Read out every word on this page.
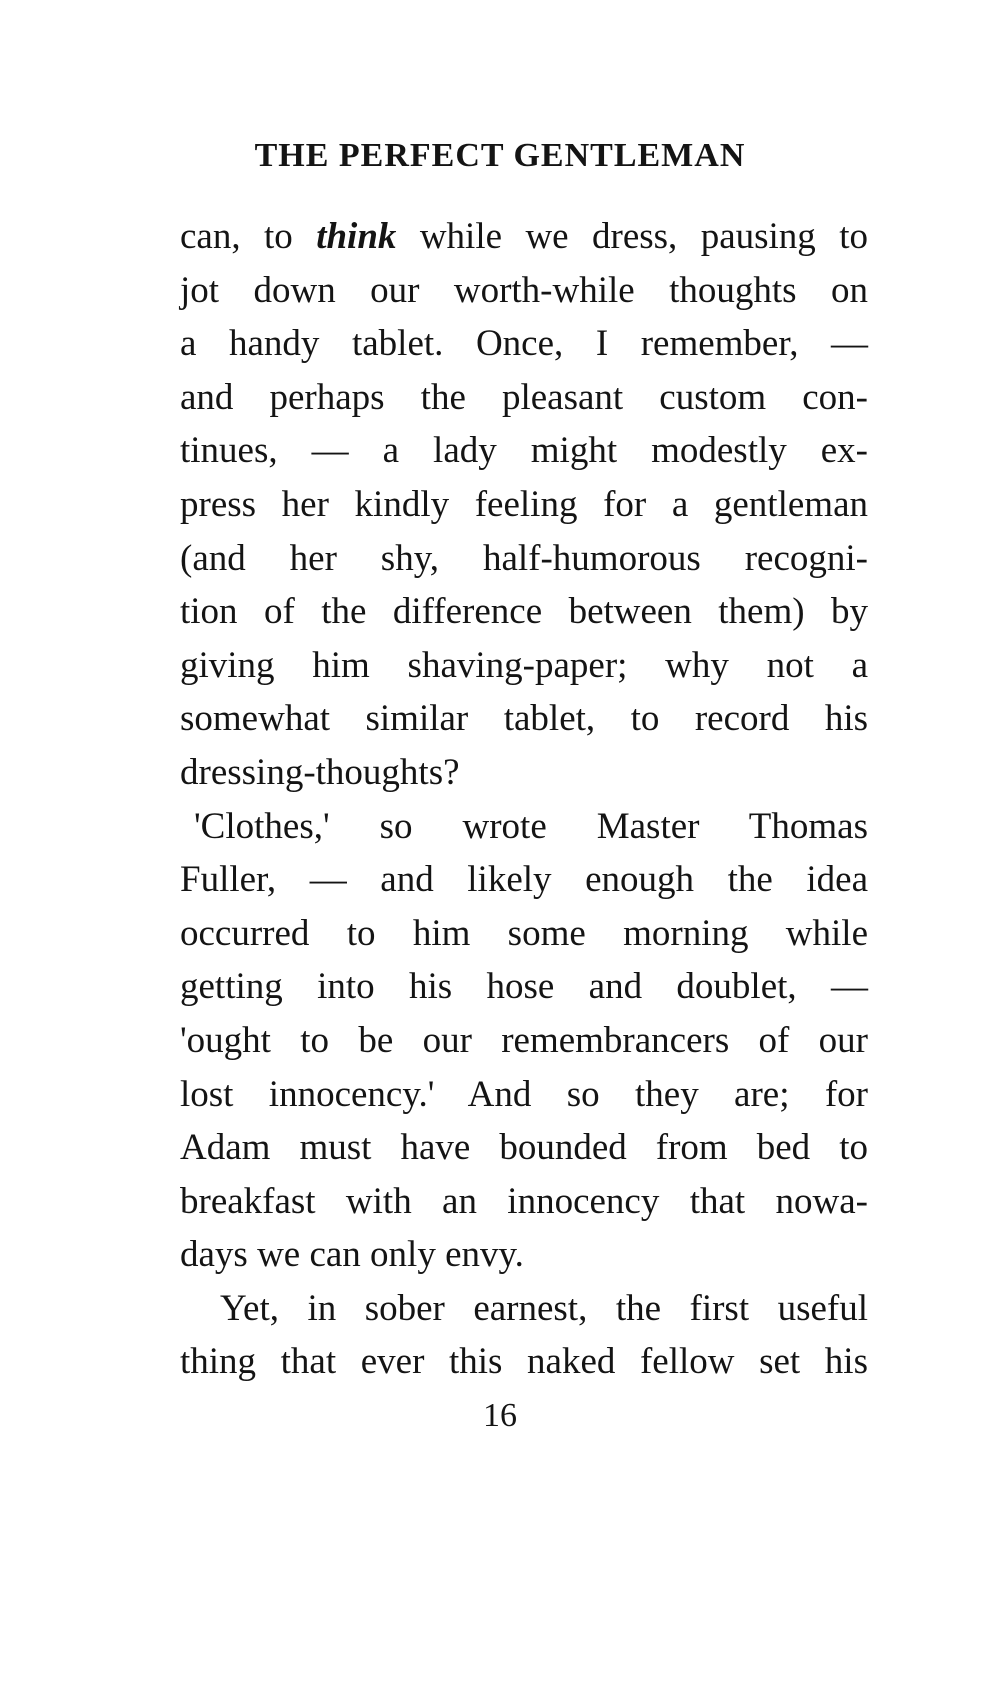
THE PERFECT GENTLEMAN
can, to think while we dress, pausing to
jot down our worth-while thoughts on
a handy tablet. Once, I remember, —
and perhaps the pleasant custom con-
tinues, — a lady might modestly ex-
press her kindly feeling for a gentleman
(and her shy, half-humorous recogni-
tion of the difference between them) by
giving him shaving-paper; why not a
somewhat similar tablet, to record his
dressing-thoughts?
'Clothes,' so wrote Master Thomas
Fuller, — and likely enough the idea
occurred to him some morning while
getting into his hose and doublet, —
'ought to be our remembrancers of our
lost innocency.' And so they are; for
Adam must have bounded from bed to
breakfast with an innocency that nowa-
days we can only envy.
Yet, in sober earnest, the first useful
thing that ever this naked fellow set his
16
